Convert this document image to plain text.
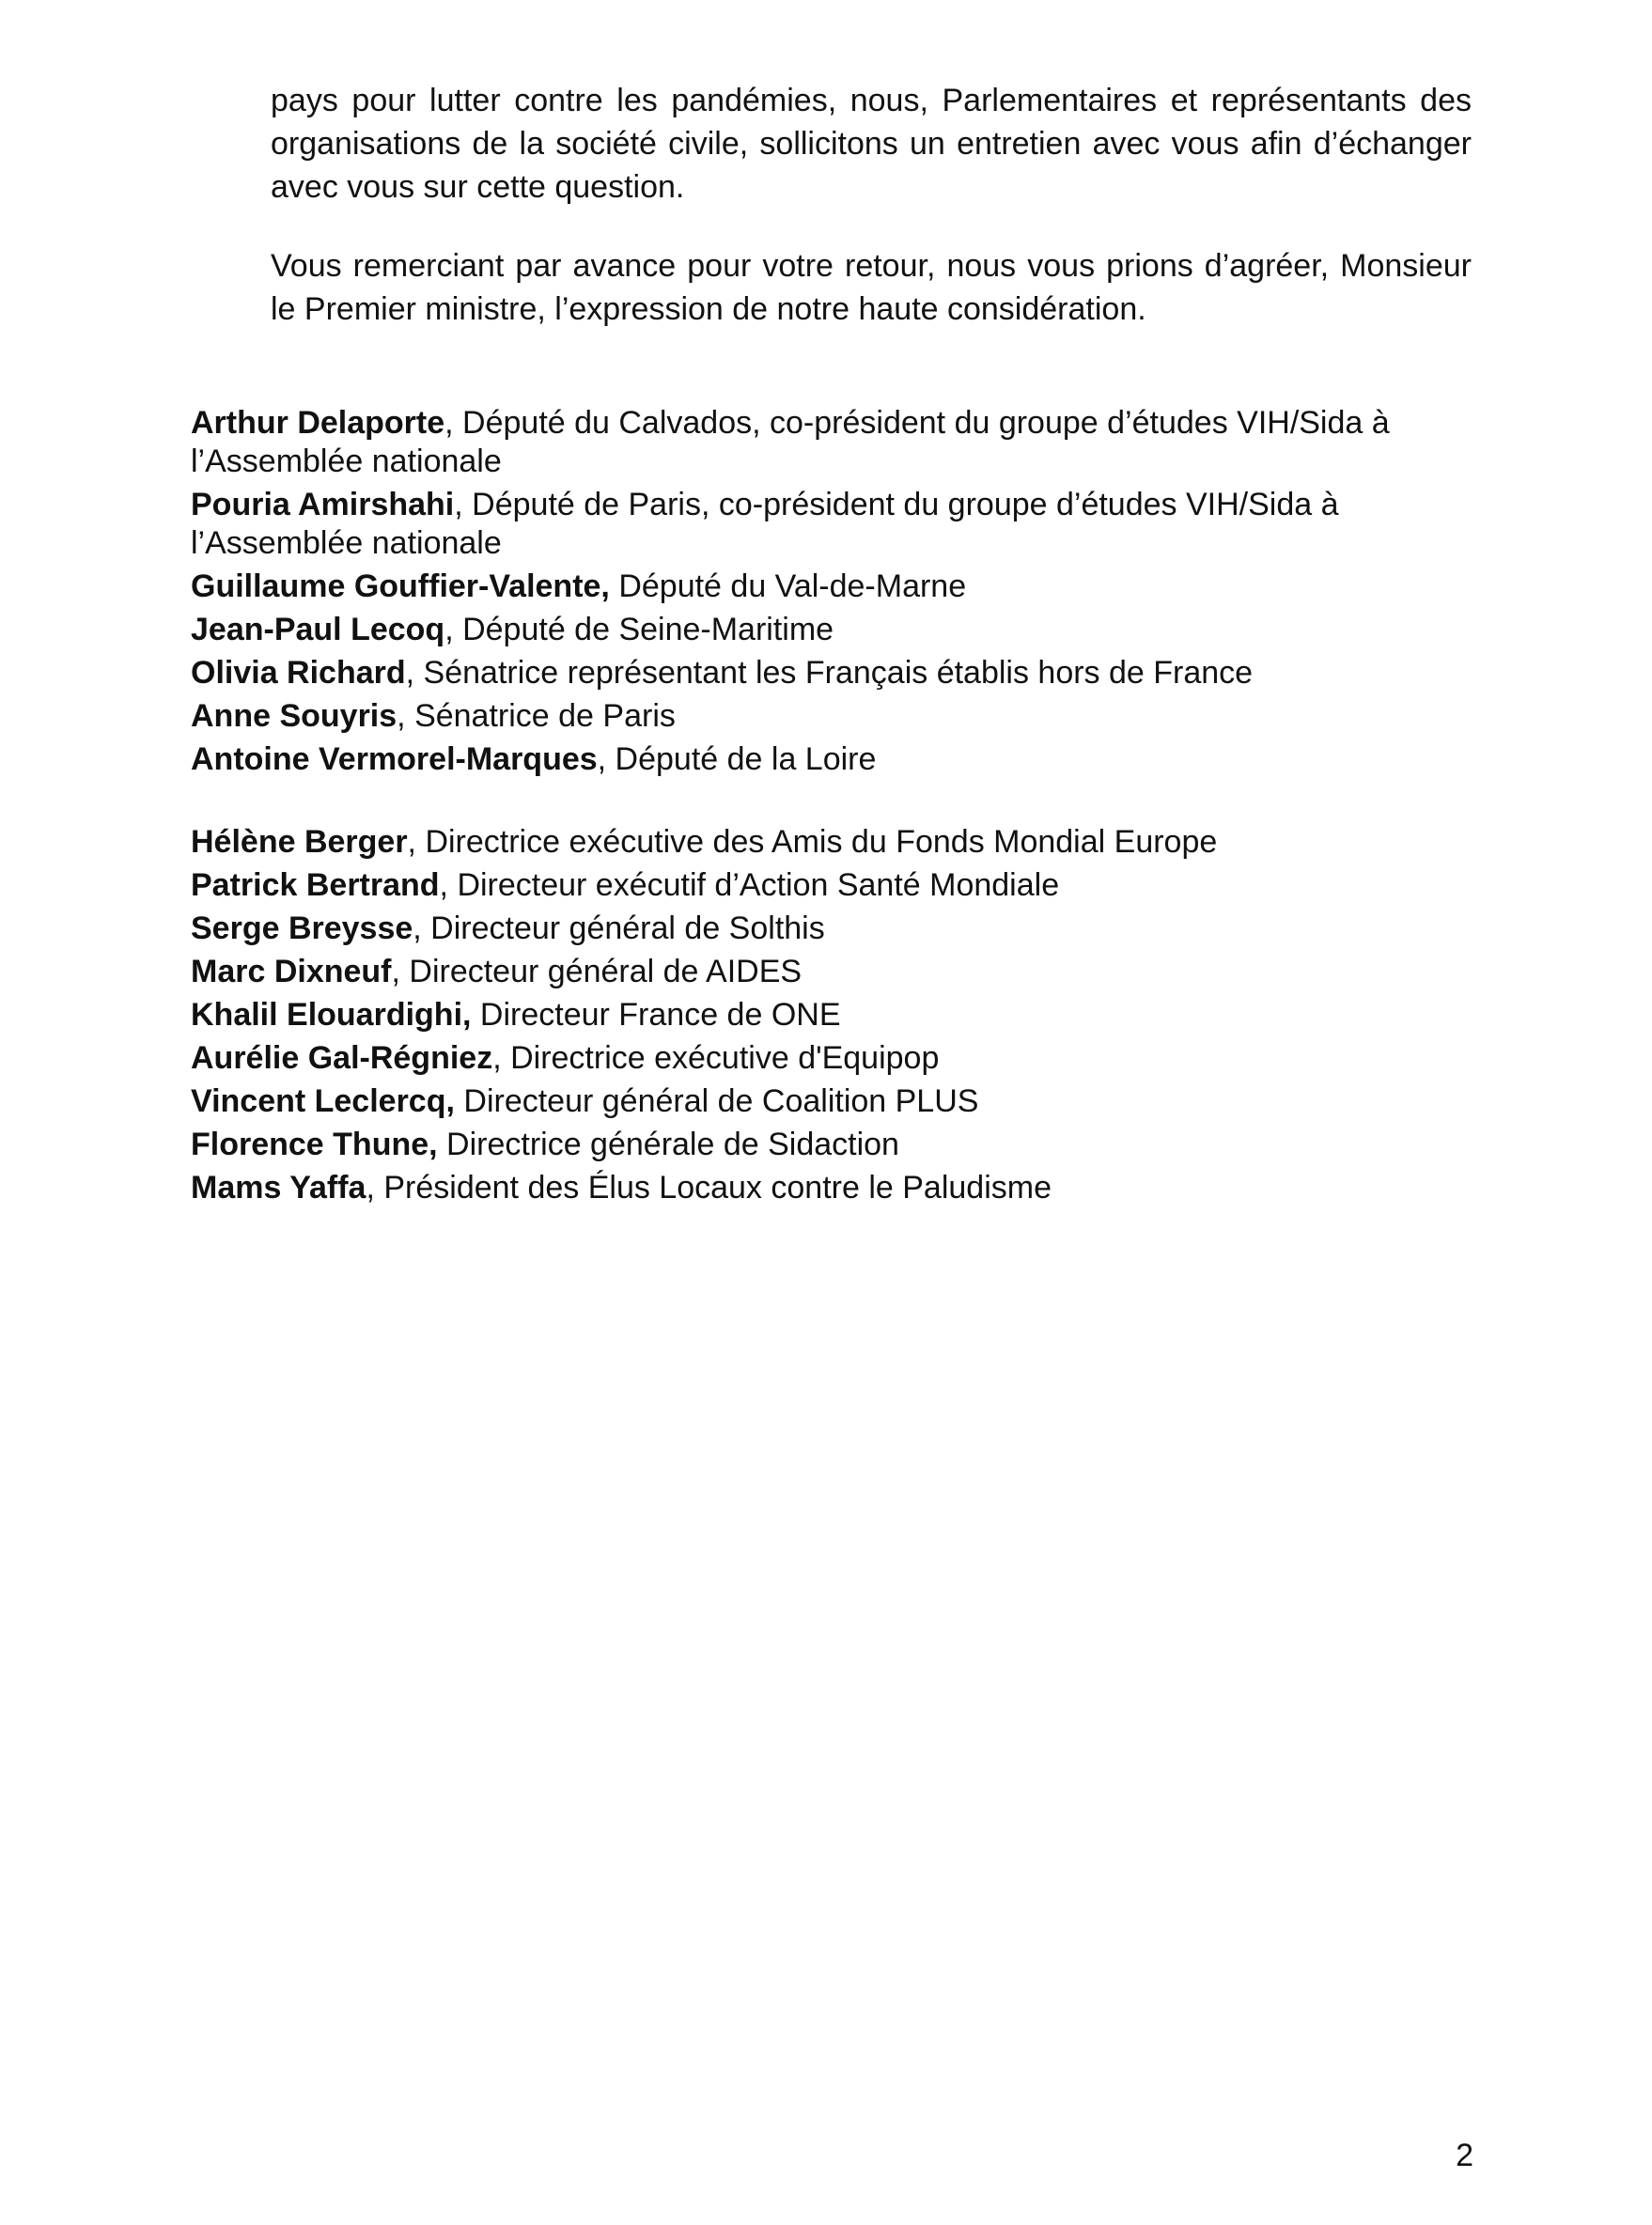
pays pour lutter contre les pandémies, nous, Parlementaires et représentants des organisations de la société civile, sollicitons un entretien avec vous afin d’échanger avec vous sur cette question.

Vous remerciant par avance pour votre retour, nous vous prions d’agréer, Monsieur le Premier ministre, l’expression de notre haute considération.

Arthur Delaporte, Député du Calvados, co-président du groupe d’études VIH/Sida à l’Assemblée nationale
Pouria Amirshahi, Député de Paris, co-président du groupe d’études VIH/Sida à l’Assemblée nationale
Guillaume Gouffier-Valente, Député du Val-de-Marne
Jean-Paul Lecoq, Député de Seine-Maritime
Olivia Richard, Sénatrice représentant les Français établis hors de France
Anne Souyris, Sénatrice de Paris
Antoine Vermorel-Marques, Député de la Loire
Hélène Berger, Directrice exécutive des Amis du Fonds Mondial Europe
Patrick Bertrand, Directeur exécutif d’Action Santé Mondiale
Serge Breysse, Directeur général de Solthis
Marc Dixneuf, Directeur général de AIDES
Khalil Elouardighi, Directeur France de ONE
Aurélie Gal-Régniez, Directrice exécutive d'Equipop
Vincent Leclercq, Directeur général de Coalition PLUS
Florence Thune, Directrice générale de Sidaction
Mams Yaffa, Président des Élus Locaux contre le Paludisme
2
